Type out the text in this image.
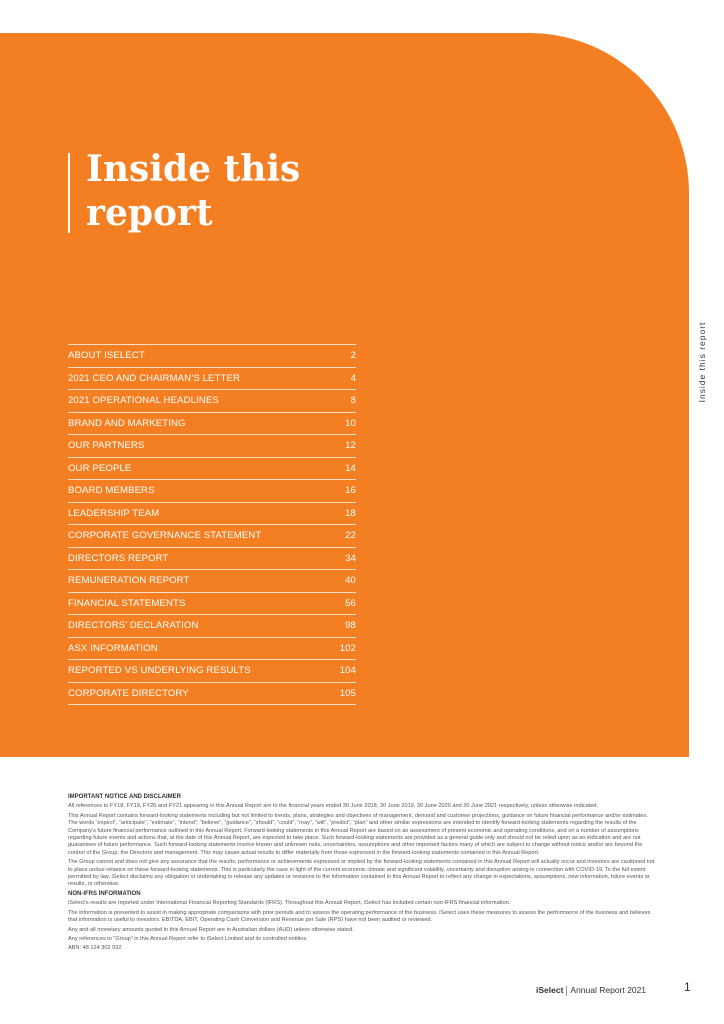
Inside this report
ABOUT ISELECT	2
2021 CEO AND CHAIRMAN’S LETTER	4
2021 OPERATIONAL HEADLINES	8
BRAND AND MARKETING	10
OUR PARTNERS	12
OUR PEOPLE	14
BOARD MEMBERS	16
LEADERSHIP TEAM	18
CORPORATE GOVERNANCE STATEMENT	22
DIRECTORS REPORT	34
REMUNERATION REPORT	40
FINANCIAL STATEMENTS	56
DIRECTORS’ DECLARATION	98
ASX INFORMATION	102
REPORTED VS UNDERLYING RESULTS	104
CORPORATE DIRECTORY	105
Inside this report

IMPORTANT NOTICE AND DISCLAIMER

All references to FY18, FY19, FY20 and FY21 appearing in this Annual Report are to the financial years ended 30 June 2018, 30 June 2019, 30 June 2020 and 30 June 2021 respectively, unless otherwise indicated.

This Annual Report contains forward-looking statements including but not limited to trends, plans, strategies and objectives of management, demand and customer projections, guidance on future financial performance and/or estimates. The words “expect”, “anticipate”, “estimate”, “intend”, “believe”, “guidance”, “should”, “could”, “may”, “will”, “predict”, “plan” and other similar expressions are intended to identify forward-looking statements regarding the results of the Company’s future financial performance outlined in this Annual Report. Forward-looking statements in this Annual Report are based on an assessment of present economic and operating conditions, and on a number of assumptions regarding future events and actions that, at the date of this Annual Report, are expected to take place. Such forward-looking statements are provided as a general guide only and should not be relied upon as an indication and are not guarantees of future performance. Such forward-looking statements involve known and unknown risks, uncertainties, assumptions and other important factors many of which are subject to change without notice and/or are beyond the control of the Group, the Directors and management. This may cause actual results to differ materially from those expressed in the forward-looking statements contained in this Annual Report.

The Group cannot and does not give any assurance that the results, performance or achievements expressed or implied by the forward-looking statements contained in this Annual Report will actually occur and investors are cautioned not to place undue reliance on these forward-looking statements. This is particularly the case in light of the current economic climate and significant volatility, uncertainty and disruption arising in connection with COVID-19. To the full extent permitted by law, iSelect disclaims any obligation or undertaking to release any updates or revisions to the information contained in this Annual Report to reflect any change in expectations, assumptions, new information, future events or results, or otherwise.

NON-IFRS INFORMATION

iSelect’s results are reported under International Financial Reporting Standards (IFRS). Throughout this Annual Report, iSelect has included certain non-IFRS financial information.

The information is presented to assist in making appropriate comparisons with prior periods and to assess the operating performance of the business. iSelect uses these measures to assess the performance of the business and believes that information is useful to investors. EBITDA, EBIT, Operating Cash Conversion and Revenue per Sale (RPS) have not been audited or reviewed.

Any and all monetary amounts quoted in this Annual Report are in Australian dollars (AUD) unless otherwise stated.

Any references to “Group” in this Annual Report refer to iSelect Limited and its controlled entities.

ABN: 48 124 302 932

iSelect Annual Report 2021	1
